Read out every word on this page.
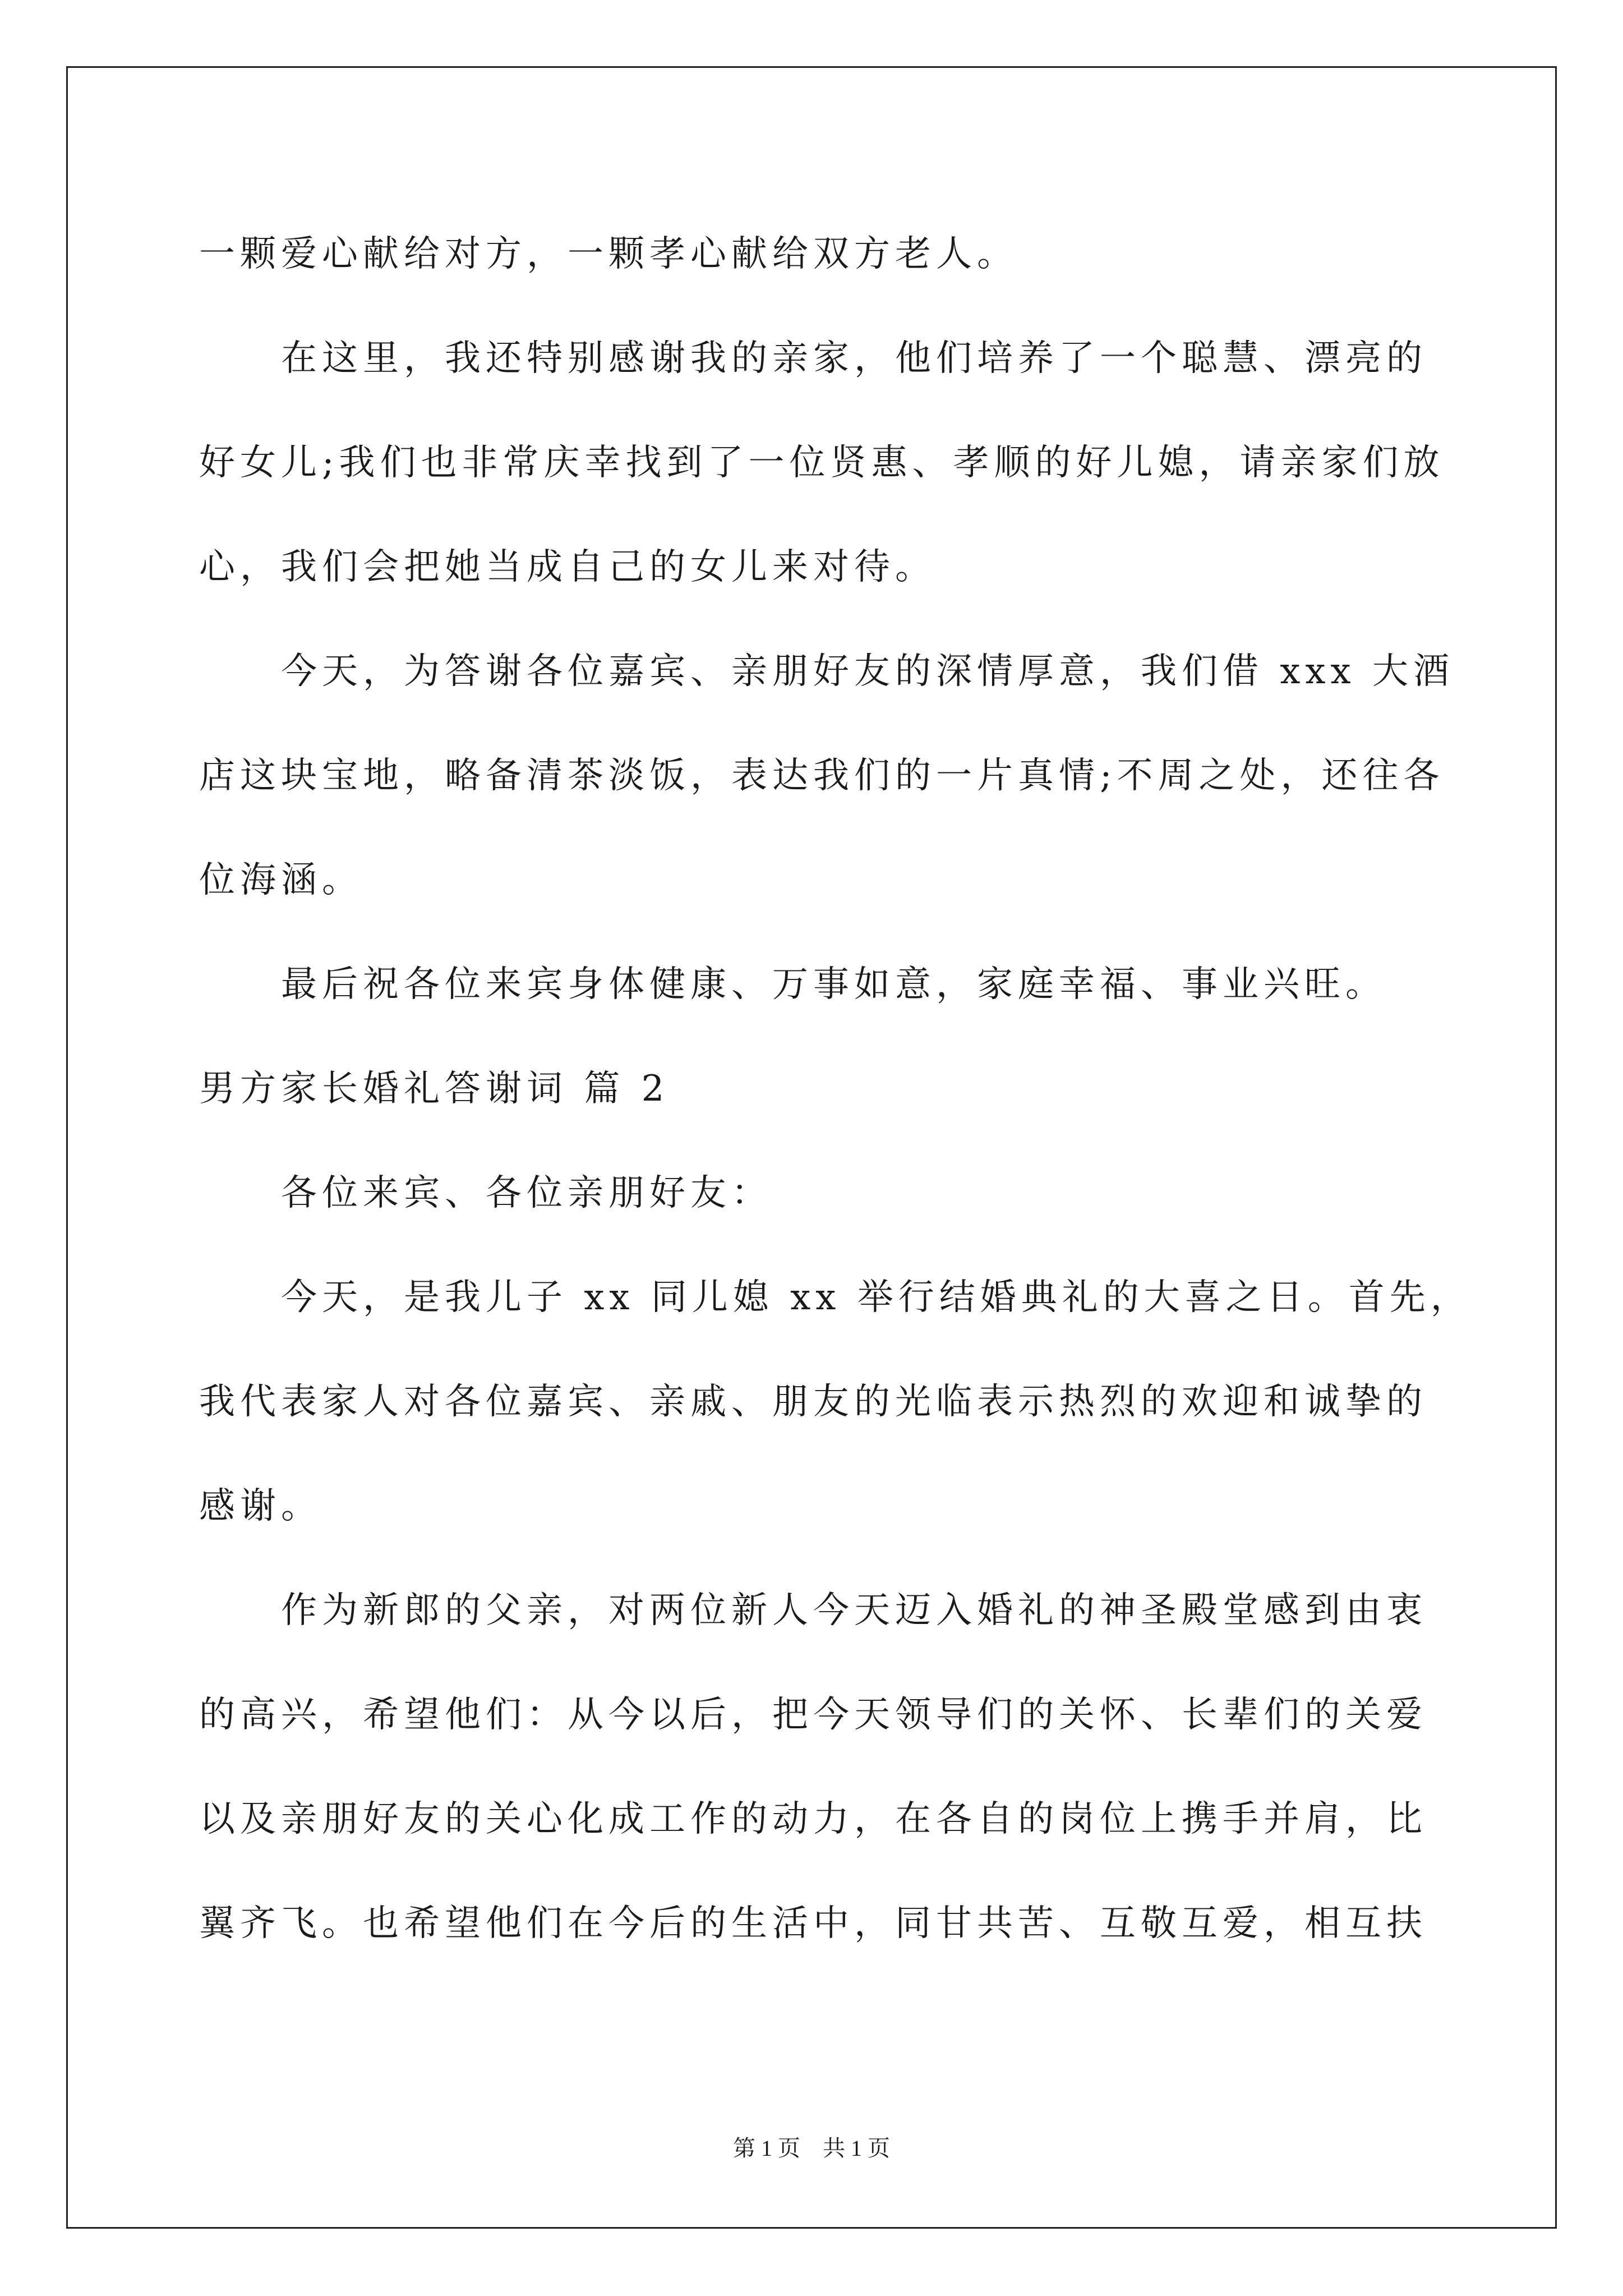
一颗爱心献给对方，一颗孝心献给双方老人。
在这里，我还特别感谢我的亲家，他们培养了一个聪慧、漂亮的
好女儿;我们也非常庆幸找到了一位贤惠、孝顺的好儿媳，请亲家们放
心，我们会把她当成自己的女儿来对待。
今天，为答谢各位嘉宾、亲朋好友的深情厚意，我们借 xxx 大酒
店这块宝地，略备清茶淡饭，表达我们的一片真情;不周之处，还往各
位海涵。
最后祝各位来宾身体健康、万事如意，家庭幸福、事业兴旺。
男方家长婚礼答谢词 篇 2
各位来宾、各位亲朋好友：
今天，是我儿子 xx 同儿媳 xx 举行结婚典礼的大喜之日。首先，
我代表家人对各位嘉宾、亲戚、朋友的光临表示热烈的欢迎和诚挚的
感谢。
作为新郎的父亲，对两位新人今天迈入婚礼的神圣殿堂感到由衷
的高兴，希望他们：从今以后，把今天领导们的关怀、长辈们的关爱
以及亲朋好友的关心化成工作的动力，在各自的岗位上携手并肩，比
翼齐飞。也希望他们在今后的生活中，同甘共苦、互敬互爱，相互扶
第 1 页 共 1 页
